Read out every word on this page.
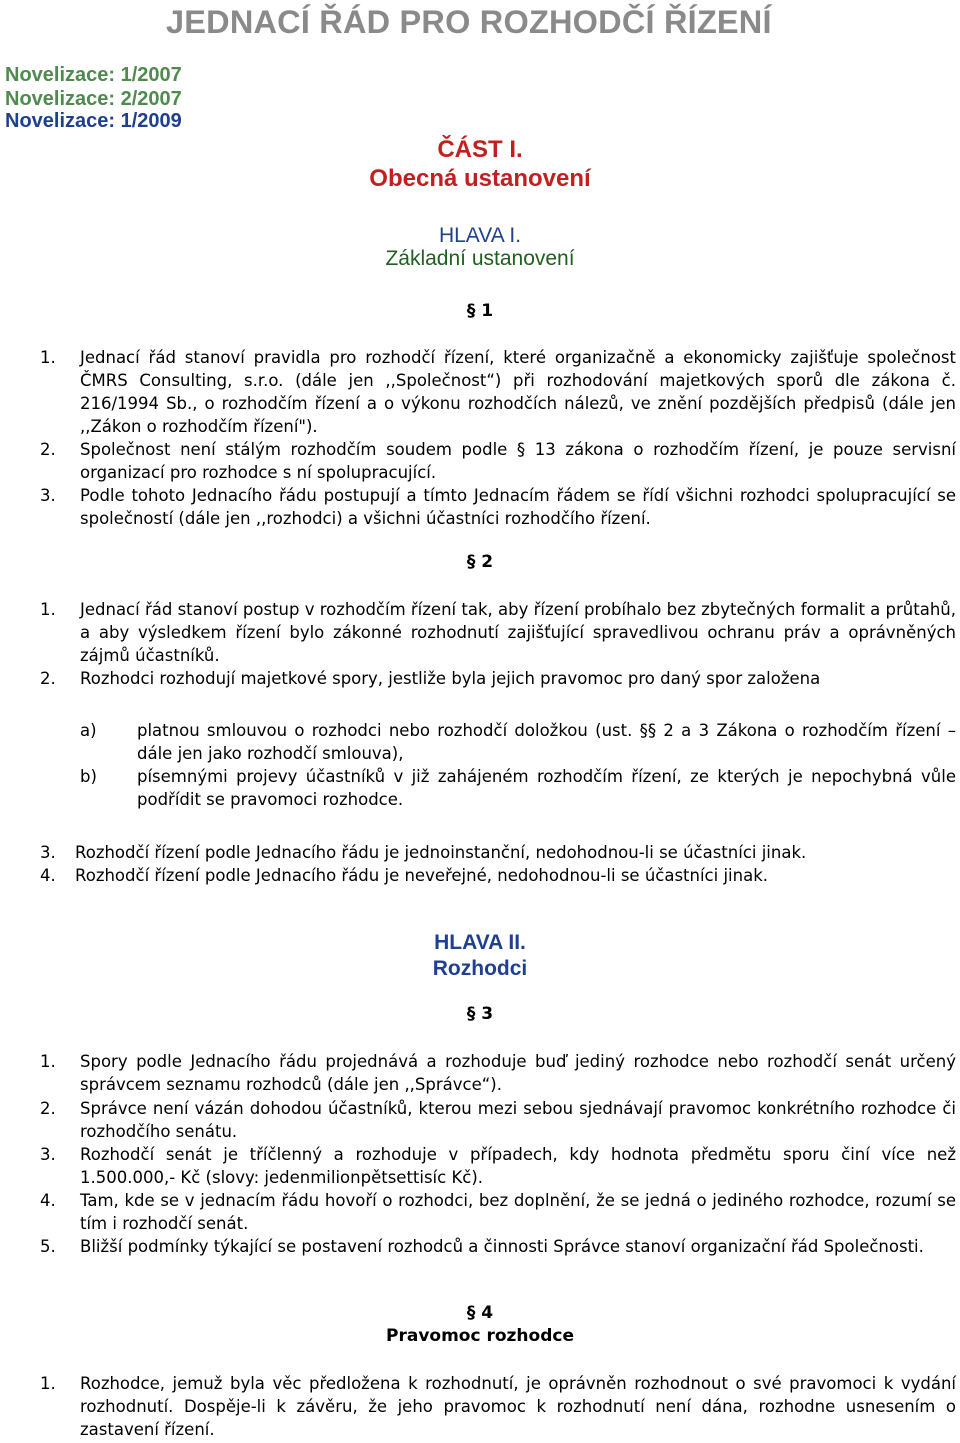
JEDNACÍ ŘÁD PRO ROZHODČÍ ŘÍZENÍ
Novelizace: 1/2007
Novelizace: 2/2007
Novelizace: 1/2009
ČÁST I.
Obecná ustanovení
HLAVA I.
Základní ustanovení
§ 1
1. Jednací řád stanoví pravidla pro rozhodčí řízení, které organizačně a ekonomicky zajišťuje společnost ČMRS Consulting, s.r.o. (dále jen ,,Společnost“) při rozhodování majetkových sporů dle zákona č. 216/1994 Sb., o rozhodčím řízení a o výkonu rozhodčích nálezů, ve znění pozdějších předpisů (dále jen ,,Zákon o rozhodčím řízení").
2. Společnost není stálým rozhodčím soudem podle § 13 zákona o rozhodčím řízení, je pouze servisní organizací pro rozhodce s ní spolupracující.
3. Podle tohoto Jednacího řádu postupují a tímto Jednacím řádem se řídí všichni rozhodci spolupracující se společností (dále jen ,,rozhodci) a všichni účastníci rozhodčího řízení.
§ 2
1. Jednací řád stanoví postup v rozhodčím řízení tak, aby řízení probíhalo bez zbytečných formalit a průtahů, a aby výsledkem řízení bylo zákonné rozhodnutí zajišťující spravedlivou ochranu práv a oprávněných zájmů účastníků.
2. Rozhodci rozhodují majetkové spory, jestliže byla jejich pravomoc pro daný spor založena
a) platnou smlouvou o rozhodci nebo rozhodčí doložkou (ust. §§ 2 a 3 Zákona o rozhodčím řízení – dále jen jako rozhodčí smlouva),
b) písemnými projevy účastníků v již zahájeném rozhodčím řízení, ze kterých je nepochybná vůle podřídit se pravomoci rozhodce.
3. Rozhodčí řízení podle Jednacího řádu je jednoinstanční, nedohodnou-li se účastníci jinak.
4. Rozhodčí řízení podle Jednacího řádu je neveřejné, nedohodnou-li se účastníci jinak.
HLAVA II.
Rozhodci
§ 3
1. Spory podle Jednacího řádu projednává a rozhoduje buď jediný rozhodce nebo rozhodčí senát určený správcem seznamu rozhodců (dále jen ,,Správce“).
2. Správce není vázán dohodou účastníků, kterou mezi sebou sjednávají pravomoc konkrétního rozhodce či rozhodčího senátu.
3. Rozhodčí senát je tříčlenný a rozhoduje v případech, kdy hodnota předmětu sporu činí více než 1.500.000,- Kč (slovy: jedenmilionpětsettisíc Kč).
4. Tam, kde se v jednacím řádu hovoří o rozhodci, bez doplnění, že se jedná o jediného rozhodce, rozumí se tím i rozhodčí senát.
5. Bližší podmínky týkající se postavení rozhodců a činnosti Správce stanoví organizační řád Společnosti.
§ 4
Pravomoc rozhodce
1. Rozhodce, jemuž byla věc předložena k rozhodnutí, je oprávněn rozhodnout o své pravomoci k vydání rozhodnutí. Dospěje-li k závěru, že jeho pravomoc k rozhodnutí není dána, rozhodne usnesením o zastavení řízení.
